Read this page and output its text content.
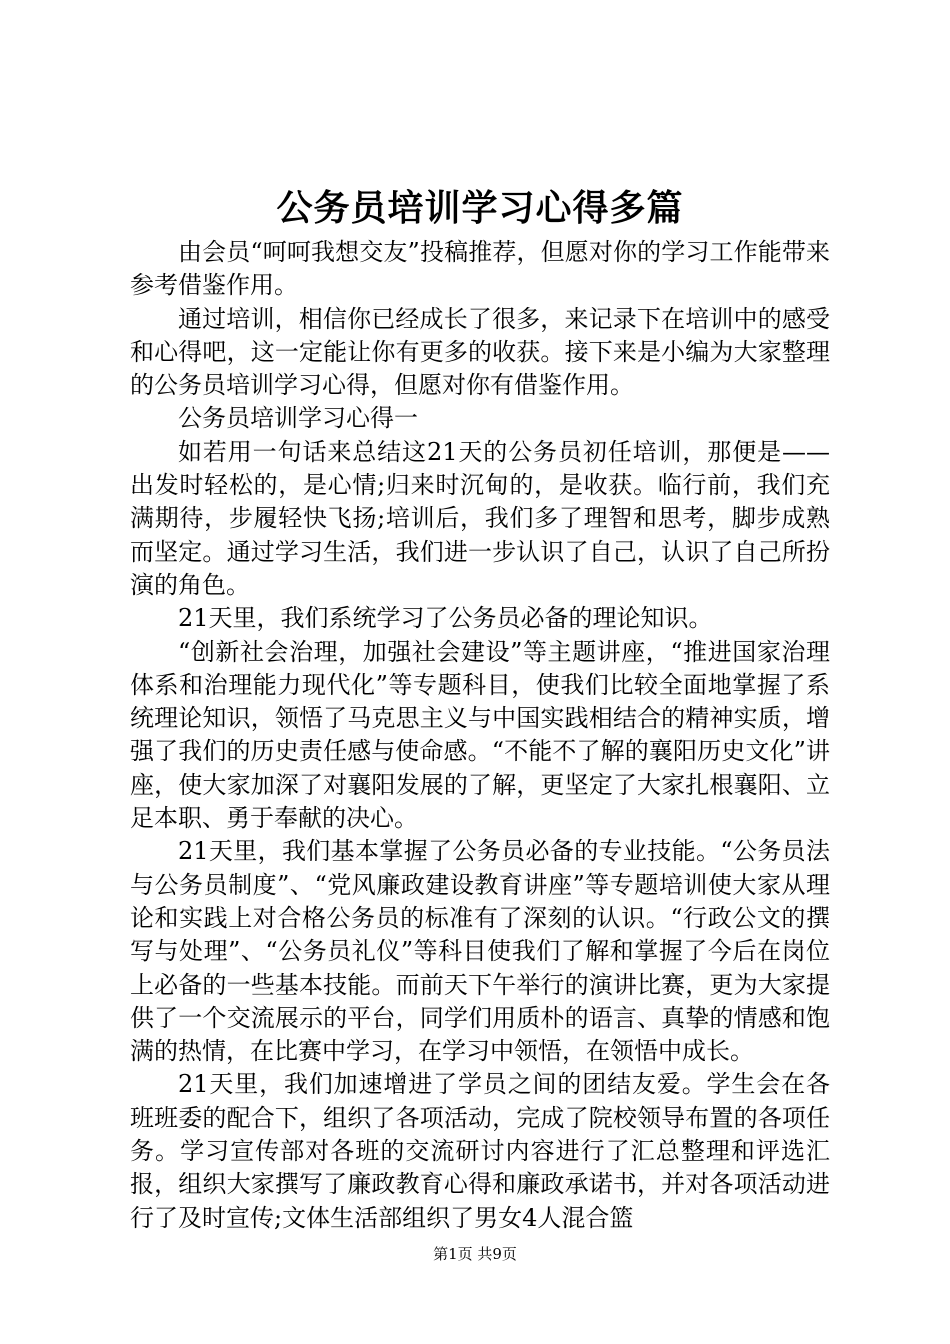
公务员培训学习心得多篇

由会员“呵呵我想交友”投稿推荐，但愿对你的学习工作能带来参考借鉴作用。

通过培训，相信你已经成长了很多，来记录下在培训中的感受和心得吧，这一定能让你有更多的收获。接下来是小编为大家整理的公务员培训学习心得，但愿对你有借鉴作用。

公务员培训学习心得一

如若用一句话来总结这21天的公务员初任培训，那便是——出发时轻松的，是心情;归来时沉甸的，是收获。临行前，我们充满期待，步履轻快飞扬;培训后，我们多了理智和思考，脚步成熟而坚定。通过学习生活，我们进一步认识了自己，认识了自己所扮演的角色。

21天里，我们系统学习了公务员必备的理论知识。

“创新社会治理，加强社会建设”等主题讲座，“推进国家治理体系和治理能力现代化”等专题科目，使我们比较全面地掌握了系统理论知识，领悟了马克思主义与中国实践相结合的精神实质，增强了我们的历史责任感与使命感。“不能不了解的襄阳历史文化”讲座，使大家加深了对襄阳发展的了解，更坚定了大家扎根襄阳、立足本职、勇于奉献的决心。

21天里，我们基本掌握了公务员必备的专业技能。“公务员法与公务员制度”、“党风廉政建设教育讲座”等专题培训使大家从理论和实践上对合格公务员的标准有了深刻的认识。“行政公文的撰写与处理”、“公务员礼仪”等科目使我们了解和掌握了今后在岗位上必备的一些基本技能。而前天下午举行的演讲比赛，更为大家提供了一个交流展示的平台，同学们用质朴的语言、真挚的情感和饱满的热情，在比赛中学习，在学习中领悟，在领悟中成长。

21天里，我们加速增进了学员之间的团结友爱。学生会在各班班委的配合下，组织了各项活动，完成了院校领导布置的各项任务。学习宣传部对各班的交流研讨内容进行了汇总整理和评选汇报，组织大家撰写了廉政教育心得和廉政承诺书，并对各项活动进行了及时宣传;文体生活部组织了男女4人混合篮

第1页 共9页
